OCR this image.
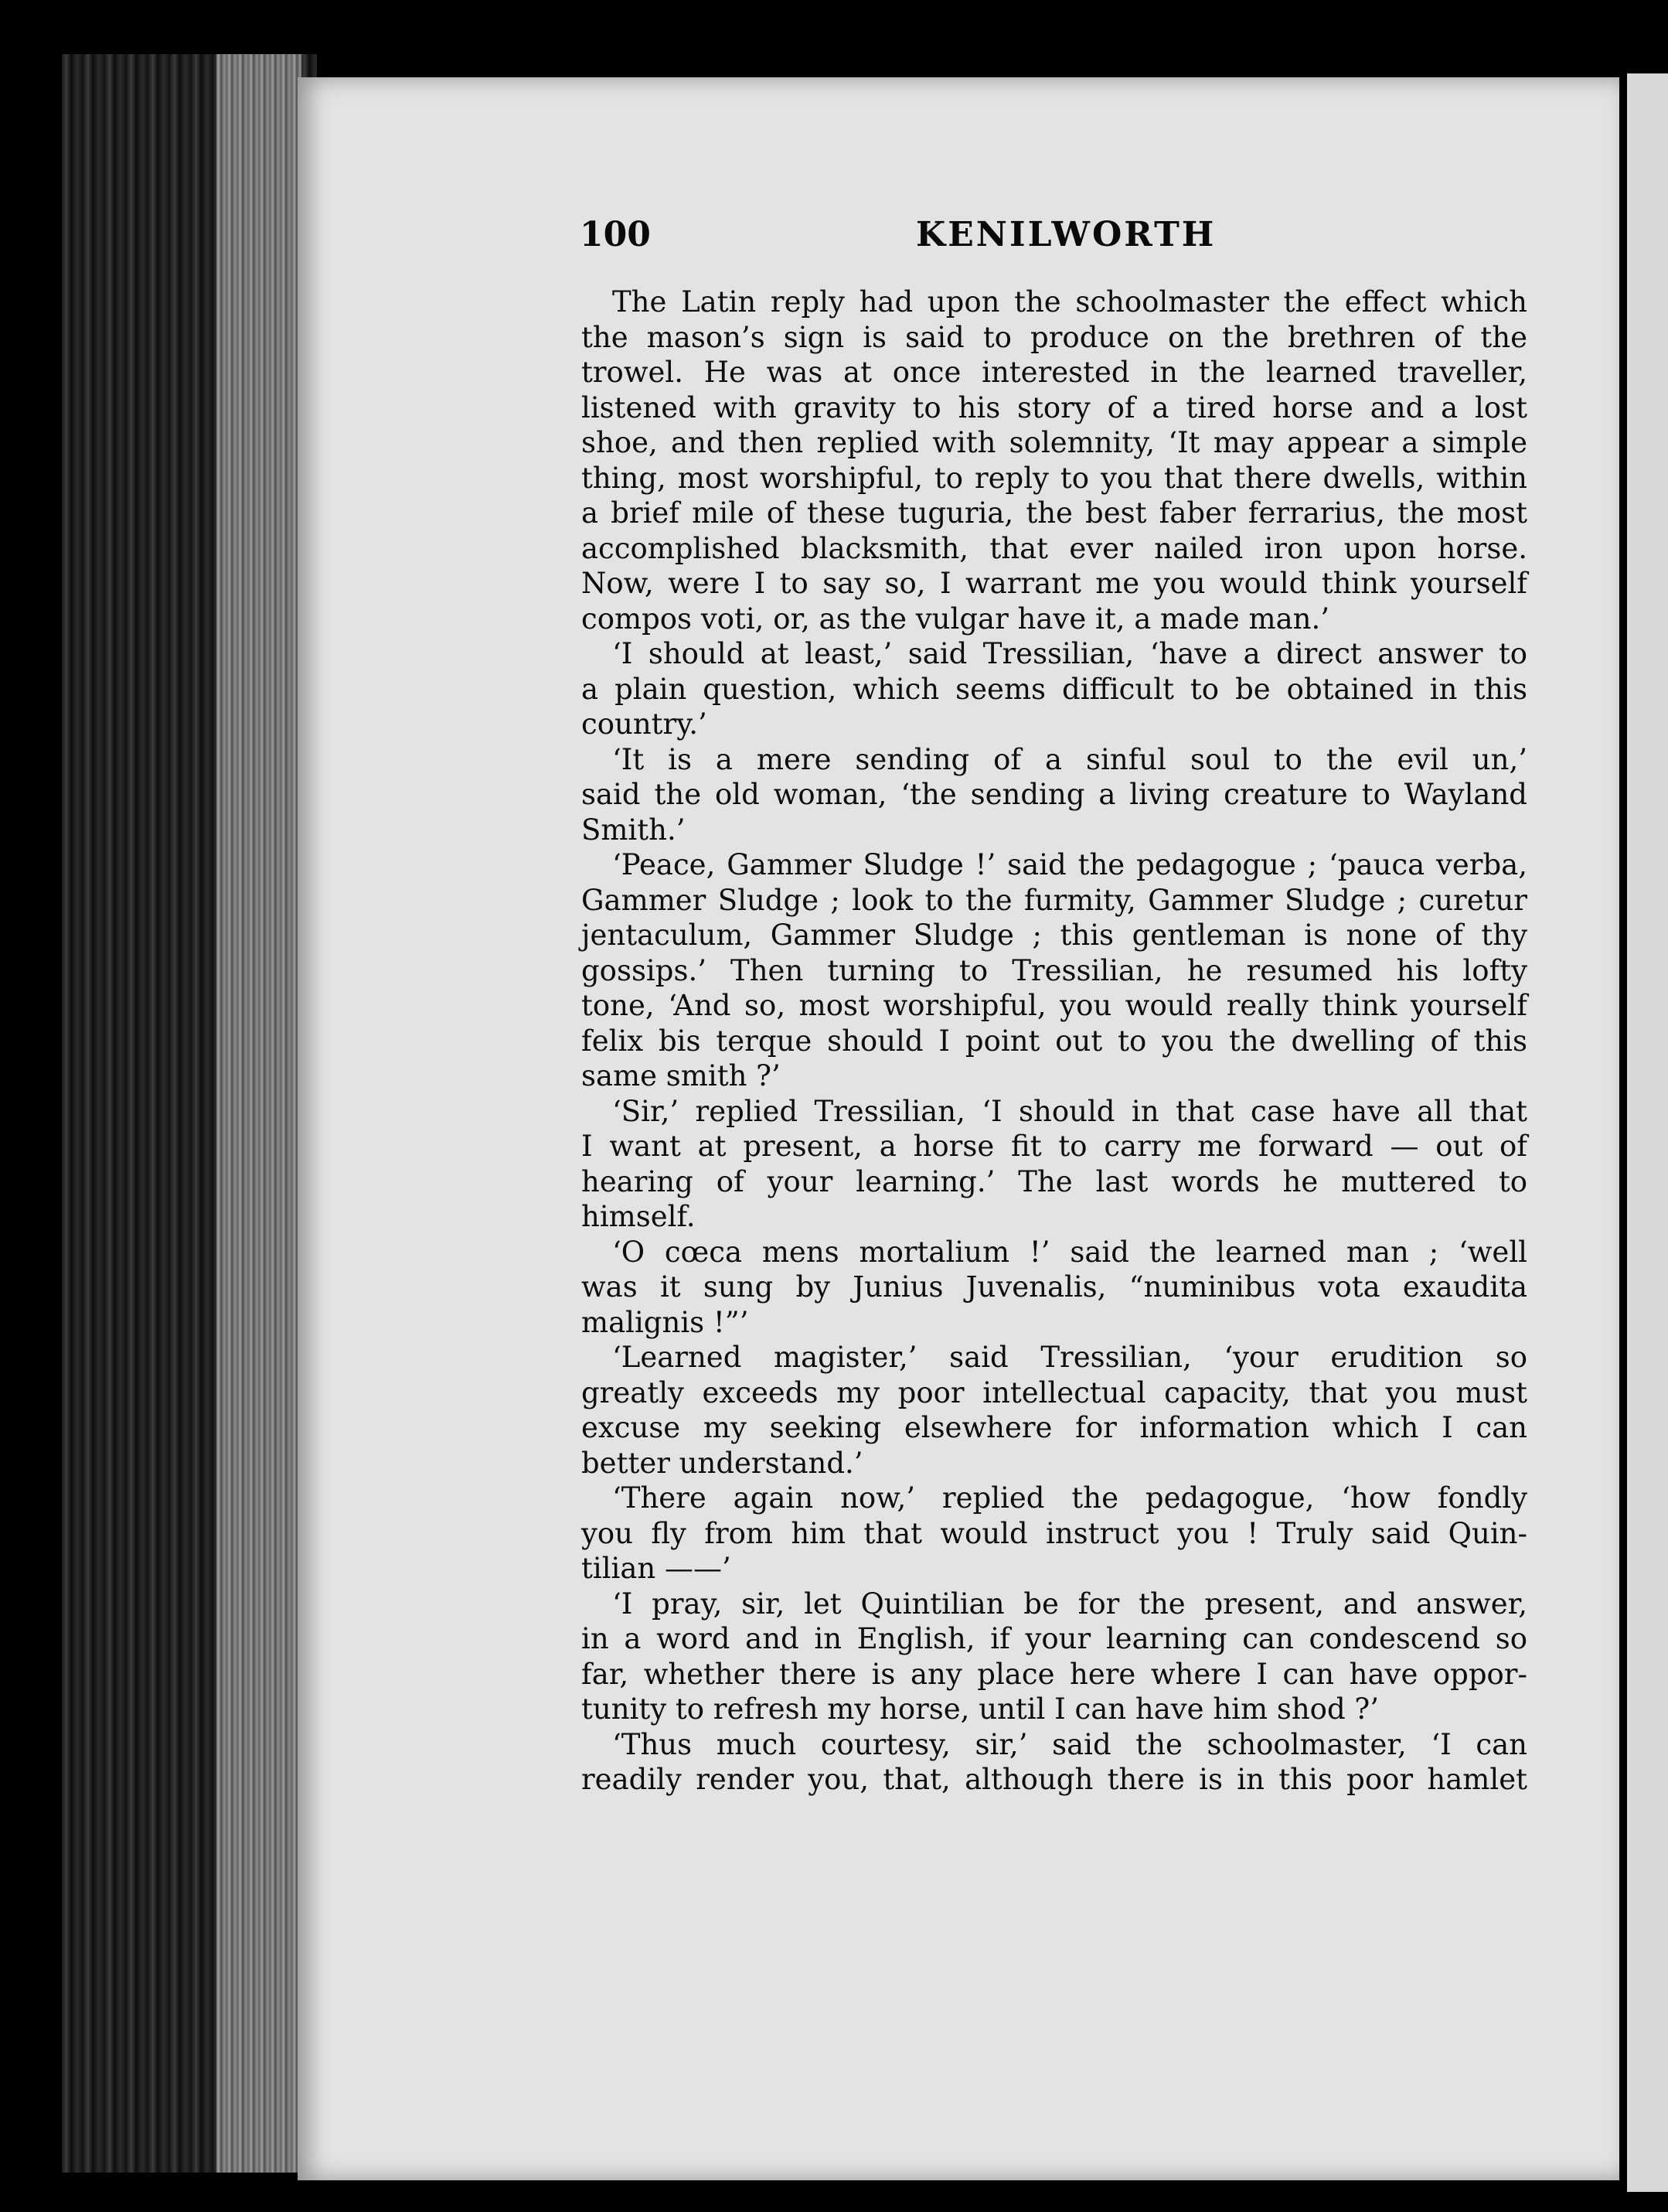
100	KENILWORTH
The Latin reply had upon the schoolmaster the effect which
the mason’s sign is said to produce on the brethren of the
trowel. He was at once interested in the learned traveller,
listened with gravity to his story of a tired horse and a lost
shoe, and then replied with solemnity, ‘It may appear a simple
thing, most worshipful, to reply to you that there dwells, within
a brief mile of these tuguria, the best faber ferrarius, the most
accomplished blacksmith, that ever nailed iron upon horse.
Now, were I to say so, I warrant me you would think yourself
compos voti, or, as the vulgar have it, a made man.’
‘I should at least,’ said Tressilian, ‘have a direct answer to
a plain question, which seems difficult to be obtained in this
country.’
‘It is a mere sending of a sinful soul to the evil un,’
said the old woman, ‘the sending a living creature to Wayland
Smith.’
‘Peace, Gammer Sludge !’ said the pedagogue ; ‘pauca verba,
Gammer Sludge ; look to the furmity, Gammer Sludge ; curetur
jentaculum, Gammer Sludge ; this gentleman is none of thy
gossips.’ Then turning to Tressilian, he resumed his lofty
tone, ‘And so, most worshipful, you would really think yourself
felix bis terque should I point out to you the dwelling of this
same smith ?’
‘Sir,’ replied Tressilian, ‘I should in that case have all that
I want at present, a horse fit to carry me forward — out of
hearing of your learning.’ The last words he muttered to
himself.
‘O cœca mens mortalium !’ said the learned man ; ‘well
was it sung by Junius Juvenalis, “numinibus vota exaudita
malignis !”’
‘Learned magister,’ said Tressilian, ‘your erudition so
greatly exceeds my poor intellectual capacity, that you must
excuse my seeking elsewhere for information which I can
better understand.’
‘There again now,’ replied the pedagogue, ‘how fondly
you fly from him that would instruct you ! Truly said Quin-
tilian ——’
‘I pray, sir, let Quintilian be for the present, and answer,
in a word and in English, if your learning can condescend so
far, whether there is any place here where I can have oppor-
tunity to refresh my horse, until I can have him shod ?’
‘Thus much courtesy, sir,’ said the schoolmaster, ‘I can
readily render you, that, although there is in this poor hamlet
